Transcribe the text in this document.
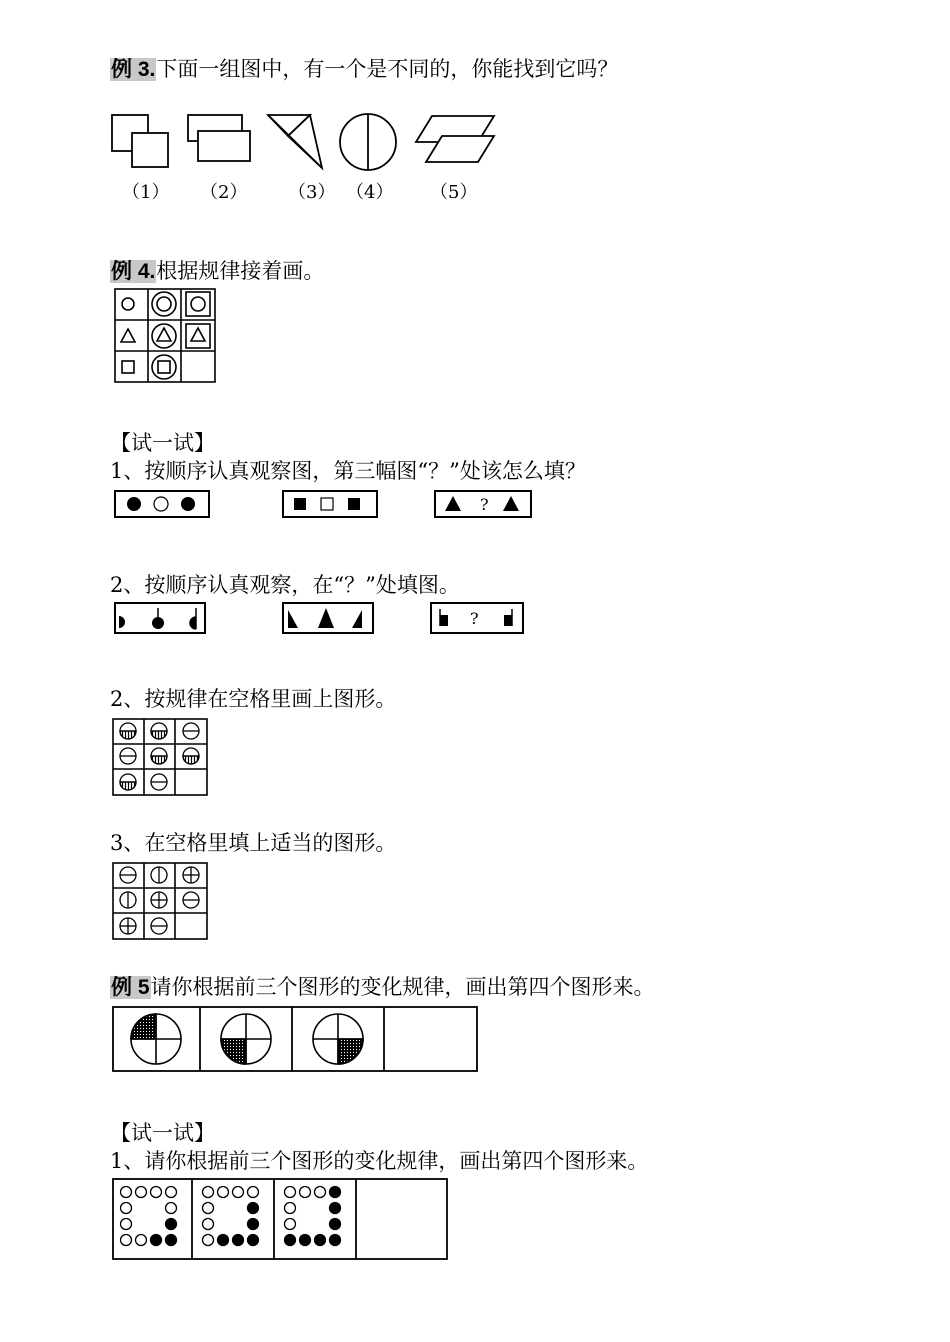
例 3.下面一组图中，有一个是不同的，你能找到它吗？
（1） （2） （3） （4） （5）
例 4.根据规律接着画。
【试一试】
1、按顺序认真观察图，第三幅图“？”处该怎么填？
?
2、按顺序认真观察，在“？”处填图。
?
2、按规律在空格里画上图形。
3、在空格里填上适当的图形。
例 5请你根据前三个图形的变化规律，画出第四个图形来。
【试一试】
1、请你根据前三个图形的变化规律，画出第四个图形来。
